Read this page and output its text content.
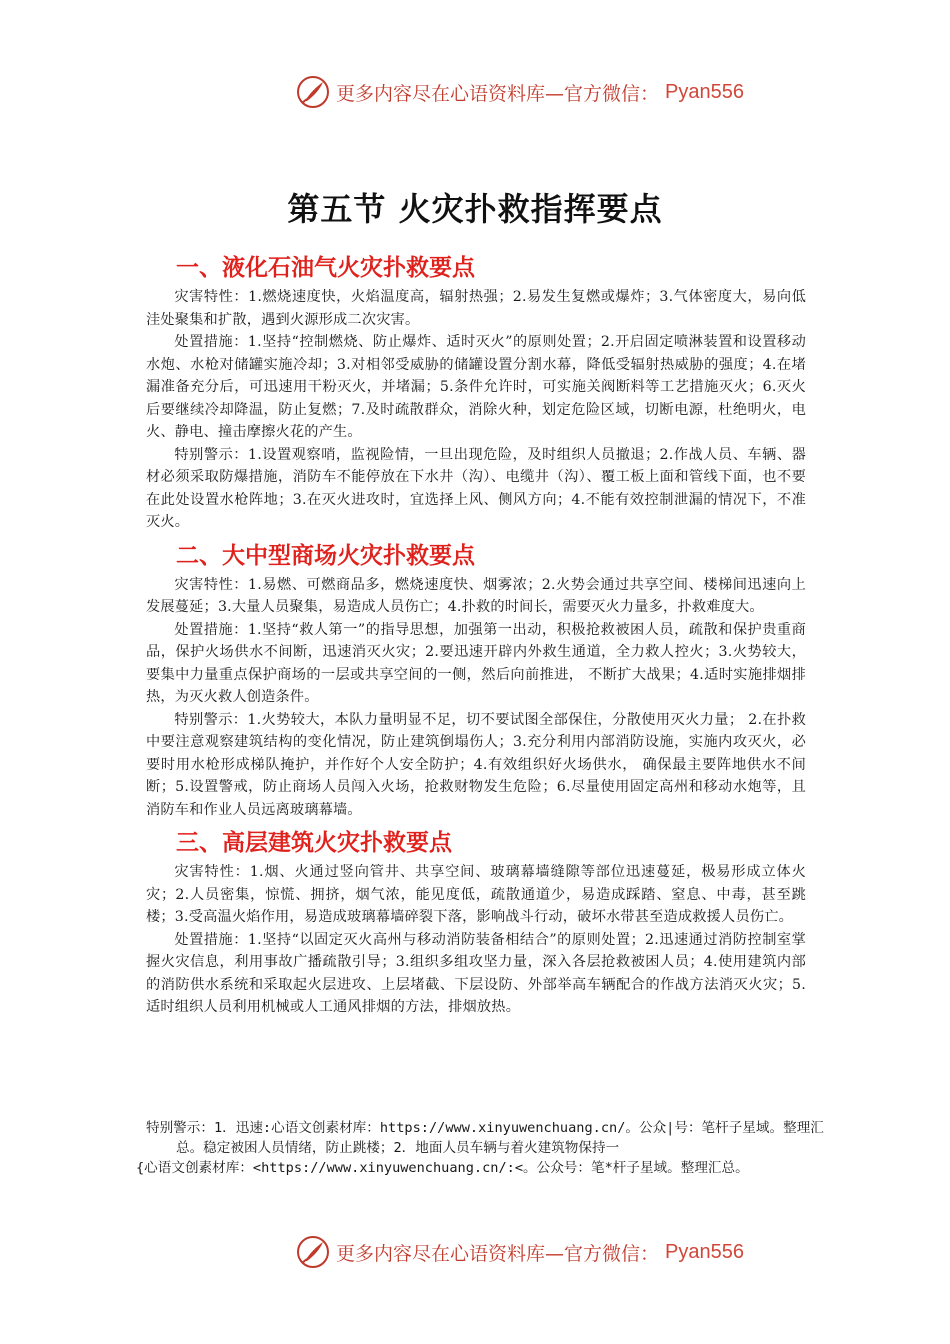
更多内容尽在心语资料库—官方微信： Pyan556
第五节 火灾扑救指挥要点
一、液化石油气火灾扑救要点

灾害特性：1.燃烧速度快，火焰温度高，辐射热强；2.易发生复燃或爆炸；3.气体密度大，易向低洼处聚集和扩散，遇到火源形成二次灾害。

处置措施：1.坚持“控制燃烧、防止爆炸、适时灭火”的原则处置；2.开启固定喷淋装置和设置移动水炮、水枪对储罐实施冷却；3.对相邻受威胁的储罐设置分割水幕，降低受辐射热威胁的强度；4.在堵漏准备充分后，可迅速用干粉灭火，并堵漏；5.条件允许时，可实施关阀断料等工艺措施灭火；6.灭火后要继续冷却降温，防止复燃；7.及时疏散群众，消除火种，划定危险区域，切断电源，杜绝明火，电火、静电、撞击摩擦火花的产生。

特别警示：1.设置观察哨，监视险情，一旦出现危险，及时组织人员撤退；2.作战人员、车辆、器材必须采取防爆措施，消防车不能停放在下水井（沟）、电缆井（沟）、覆工板上面和管线下面，也不要在此处设置水枪阵地；3.在灭火进攻时，宜选择上风、侧风方向；4.不能有效控制泄漏的情况下，不准灭火。

二、大中型商场火灾扑救要点

灾害特性：1.易燃、可燃商品多，燃烧速度快、烟雾浓；2.火势会通过共享空间、楼梯间迅速向上发展蔓延；3.大量人员聚集，易造成人员伤亡；4.扑救的时间长，需要灭火力量多，扑救难度大。

处置措施：1.坚持“救人第一”的指导思想，加强第一出动，积极抢救被困人员，疏散和保护贵重商品，保护火场供水不间断，迅速消灭火灾；2.要迅速开辟内外救生通道，全力救人控火；3.火势较大，要集中力量重点保护商场的一层或共享空间的一侧，然后向前推进， 不断扩大战果；4.适时实施排烟排热，为灭火救人创造条件。

特别警示：1.火势较大，本队力量明显不足，切不要试图全部保住，分散使用灭火力量； 2.在扑救中要注意观察建筑结构的变化情况，防止建筑倒塌伤人；3.充分利用内部消防设施，实施内攻灭火，必要时用水枪形成梯队掩护，并作好个人安全防护；4.有效组织好火场供水， 确保最主要阵地供水不间断；5.设置警戒，防止商场人员闯入火场，抢救财物发生危险；6.尽量使用固定高州和移动水炮等，且消防车和作业人员远离玻璃幕墙。

三、高层建筑火灾扑救要点

灾害特性：1.烟、火通过竖向管井、共享空间、玻璃幕墙缝隙等部位迅速蔓延，极易形成立体火灾；2.人员密集，惊慌、拥挤，烟气浓，能见度低，疏散通道少，易造成踩踏、窒息、中毒，甚至跳楼；3.受高温火焰作用，易造成玻璃幕墙碎裂下落，影响战斗行动，破坏水带甚至造成救援人员伤亡。

处置措施：1.坚持“以固定灭火高州与移动消防装备相结合”的原则处置；2.迅速通过消防控制室掌握火灾信息，利用事故广播疏散引导；3.组织多组攻坚力量，深入各层抢救被困人员；4.使用建筑内部的消防供水系统和采取起火层进攻、上层堵截、下层设防、外部举高车辆配合的作战方法消灭火灾；5.适时组织人员利用机械或人工通风排烟的方法，排烟放热。

特别警示：1．迅速:心语文创素材库：https://www.xinyuwenchuang.cn/。公众|号：笔杆子星域。整理汇
总。稳定被困人员情绪，防止跳楼；2．地面人员车辆与着火建筑物保持一
{心语文创素材库：<https://www.xinyuwenchuang.cn/:<。公众号：笔*杆子星域。整理汇总。
更多内容尽在心语资料库—官方微信： Pyan556
